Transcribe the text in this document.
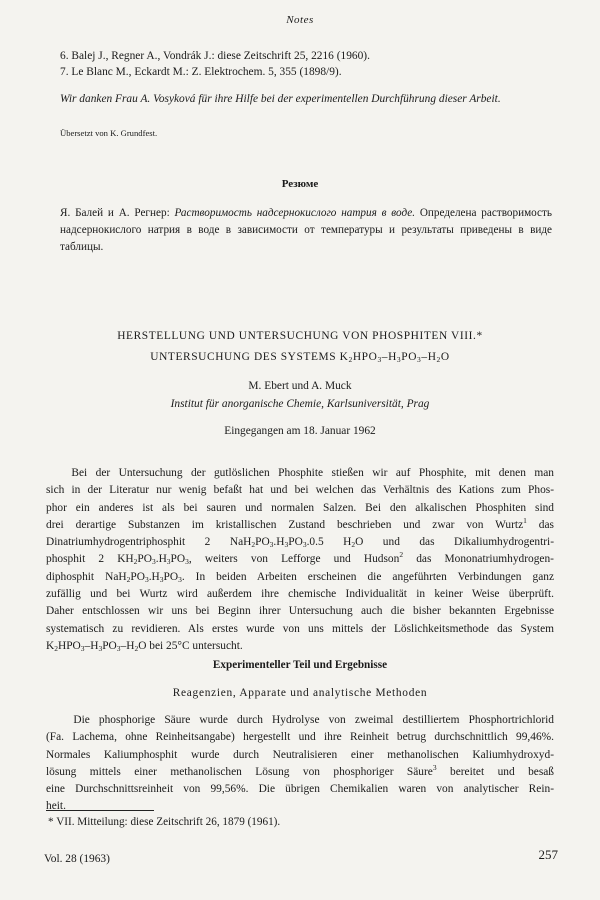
Notes
6. Balej J., Regner A., Vondrák J.: diese Zeitschrift 25, 2216 (1960).
7. Le Blanc M., Eckardt M.: Z. Elektrochem. 5, 355 (1898/9).
Wir danken Frau A. Vosyková für ihre Hilfe bei der experimentellen Durchführung dieser Arbeit.
Übersetzt von K. Grundfest.
Резюме
Я. Балей и А. Регнер: Растворимость надсернокислого натрия в воде. Определена растворимость надсернокислого натрия в воде в зависимости от температуры и результаты приведены в виде таблицы.
HERSTELLUNG UND UNTERSUCHUNG VON PHOSPHITEN VIII.*
UNTERSUCHUNG DES SYSTEMS $K_2HPO_3-H_3PO_3-H_2O$
M. Ebert und A. Muck
Institut für anorganische Chemie, Karlsuniversität, Prag
Eingegangen am 18. Januar 1962
Bei der Untersuchung der gutlöslichen Phosphite stießen wir auf Phosphite, mit denen man
sich in der Literatur nur wenig befaßt hat und bei welchen das Verhältnis des Kations zum Phos-
phor ein anderes ist als bei sauren und normalen Salzen. Bei den alkalischen Phosphiten sind
drei derartige Substanzen im kristallischen Zustand beschrieben und zwar von Wurtz$^1$ das
Dinatriumhydrogentriphosphit 2 $NaH_2PO_3.H_3PO_3.0.5$ $H_2O$ und das Dikaliumhydrogentri-
phosphit 2 $KH_2PO_3.H_3PO_3$, weiters von Lefforge und Hudson$^2$ das Mononatriumhydrogen-
diphosphit $NaH_2PO_3.H_3PO_3$. In beiden Arbeiten erscheinen die angeführten Verbindungen ganz
zufällig und bei Wurtz wird außerdem ihre chemische Individualität in keiner Weise überprüft.
Daher entschlossen wir uns bei Beginn ihrer Untersuchung auch die bisher bekannten Ergebnisse
systematisch zu revidieren. Als erstes wurde von uns mittels der Löslichkeitsmethode das System
$K_2HPO_3-H_3PO_3-H_2O$ bei 25°C untersucht.
Experimenteller Teil und Ergebnisse
Reagenzien, Apparate und analytische Methoden
Die phosphorige Säure wurde durch Hydrolyse von zweimal destilliertem Phosphortrichlorid
(Fa. Lachema, ohne Reinheitsangabe) hergestellt und ihre Reinheit betrug durchschnittlich 99,46%.
Normales Kaliumphosphit wurde durch Neutralisieren einer methanolischen Kaliumhydroxyd-
lösung mittels einer methanolischen Lösung von phosphoriger Säure$^3$ bereitet und besaß
eine Durchschnittsreinheit von 99,56%. Die übrigen Chemikalien waren von analytischer Rein-
heit.
* VII. Mitteilung: diese Zeitschrift 26, 1879 (1961).
Vol. 28 (1963)	257
